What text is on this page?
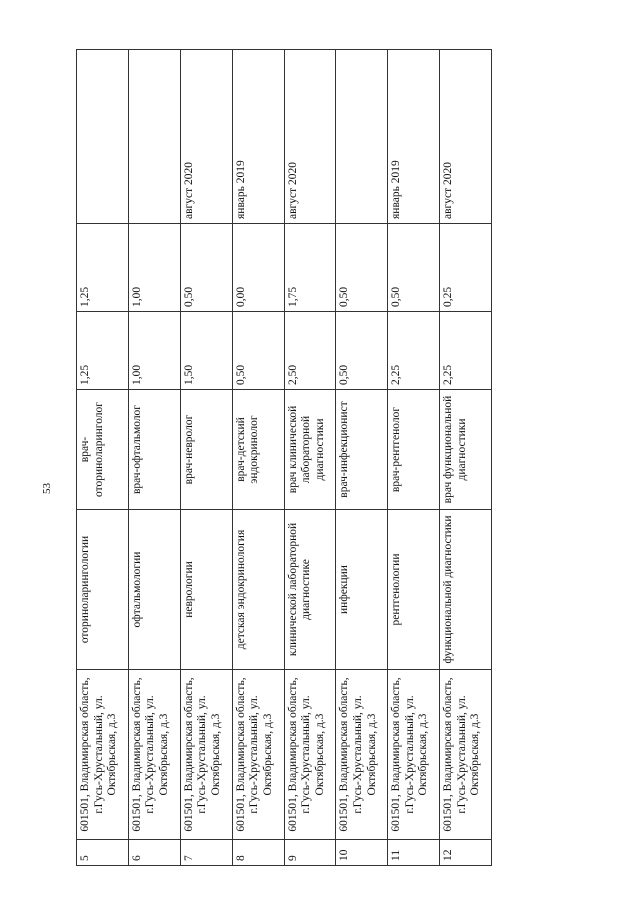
53
5	601501, Владимирская область, г.Гусь-Хрустальный, ул. Октябрьская, д.3	оториноларингологии	врач-оториноларинголог	1,25	1,25	
6	601501, Владимирская область, г.Гусь-Хрустальный, ул. Октябрьская, д.3	офтальмологии	врач-офтальмолог	1,00	1,00	
7	601501, Владимирская область, г.Гусь-Хрустальный, ул. Октябрьская, д.3	неврологии	врач-невролог	1,50	0,50	август 2020
8	601501, Владимирская область, г.Гусь-Хрустальный, ул. Октябрьская, д.3	детская эндокринология	врач-детский эндокринолог	0,50	0,00	январь 2019
9	601501, Владимирская область, г.Гусь-Хрустальный, ул. Октябрьская, д.3	клинической лабораторной диагностике	врач клинической лабораторной диагностики	2,50	1,75	август 2020
10	601501, Владимирская область, г.Гусь-Хрустальный, ул. Октябрьская, д.3	инфекции	врач-инфекционист	0,50	0,50	
11	601501, Владимирская область, г.Гусь-Хрустальный, ул. Октябрьская, д.3	рентгенологии	врач-рентгенолог	2,25	0,50	январь 2019
12	601501, Владимирская область, г.Гусь-Хрустальный, ул. Октябрьская, д.3	функциональной диагностики	врач функциональной диагностики	2,25	0,25	август 2020
